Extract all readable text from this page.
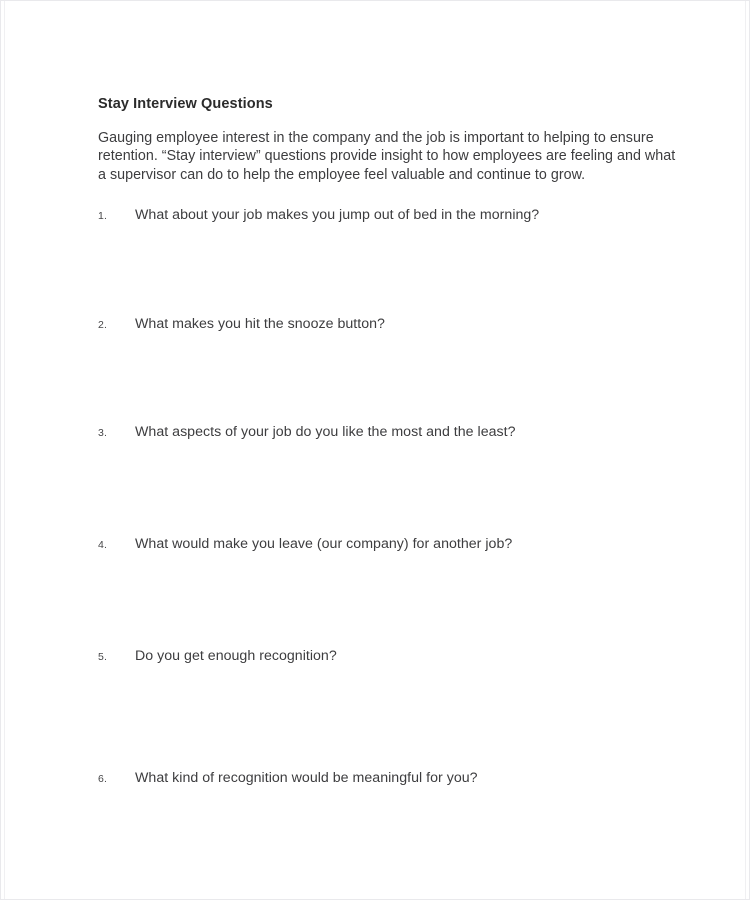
Stay Interview Questions

Gauging employee interest in the company and the job is important to helping to ensure retention. “Stay interview” questions provide insight to how employees are feeling and what a supervisor can do to help the employee feel valuable and continue to grow.

1.	What about your job makes you jump out of bed in the morning?
2.	What makes you hit the snooze button?
3.	What aspects of your job do you like the most and the least?
4.	What would make you leave (our company) for another job?
5.	Do you get enough recognition?
6.	What kind of recognition would be meaningful for you?
